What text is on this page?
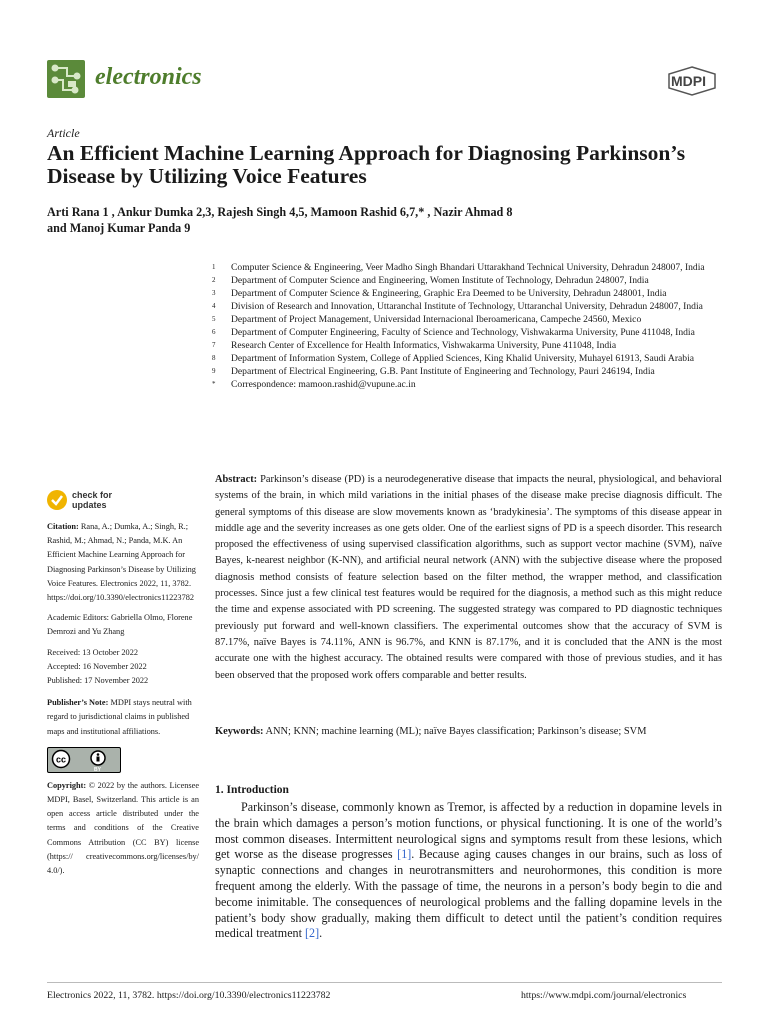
electronics	MDPI
Article
An Efficient Machine Learning Approach for Diagnosing Parkinson’s Disease by Utilizing Voice Features
Arti Rana 1 , Ankur Dumka 2,3, Rajesh Singh 4,5, Mamoon Rashid 6,7,* , Nazir Ahmad 8
and Manoj Kumar Panda 9
1	Computer Science & Engineering, Veer Madho Singh Bhandari Uttarakhand Technical University, Dehradun 248007, India
2	Department of Computer Science and Engineering, Women Institute of Technology, Dehradun 248007, India
3	Department of Computer Science & Engineering, Graphic Era Deemed to be University, Dehradun 248001, India
4	Division of Research and Innovation, Uttaranchal Institute of Technology, Uttaranchal University, Dehradun 248007, India
5	Department of Project Management, Universidad Internacional Iberoamericana, Campeche 24560, Mexico
6	Department of Computer Engineering, Faculty of Science and Technology, Vishwakarma University, Pune 411048, India
7	Research Center of Excellence for Health Informatics, Vishwakarma University, Pune 411048, India
8	Department of Information System, College of Applied Sciences, King Khalid University, Muhayel 61913, Saudi Arabia
9	Department of Electrical Engineering, G.B. Pant Institute of Engineering and Technology, Pauri 246194, India
*	Correspondence: mamoon.rashid@vupune.ac.in
check for
updates

Citation: Rana, A.; Dumka, A.; Singh, R.; Rashid, M.; Ahmad, N.; Panda, M.K. An Efficient Machine Learning Approach for Diagnosing Parkinson’s Disease by Utilizing Voice Features. Electronics 2022, 11, 3782. https://doi.org/10.3390/electronics11223782

Academic Editors: Gabriella Olmo, Florene Demrozi and Yu Zhang

Received: 13 October 2022
Accepted: 16 November 2022
Published: 17 November 2022

Publisher’s Note: MDPI stays neutral with regard to jurisdictional claims in published maps and institutional affiliations.

cc
BY

Copyright: © 2022 by the authors. Licensee MDPI, Basel, Switzerland. This article is an open access article distributed under the terms and conditions of the Creative Commons Attribution (CC BY) license (https:// creativecommons.org/licenses/by/ 4.0/).

Abstract: Parkinson’s disease (PD) is a neurodegenerative disease that impacts the neural, physiological, and behavioral systems of the brain, in which mild variations in the initial phases of the disease make precise diagnosis difficult. The general symptoms of this disease are slow movements known as ‘bradykinesia’. The symptoms of this disease appear in middle age and the severity increases as one gets older. One of the earliest signs of PD is a speech disorder. This research proposed the effectiveness of using supervised classification algorithms, such as support vector machine (SVM), naïve Bayes, k-nearest neighbor (K-NN), and artificial neural network (ANN) with the subjective disease where the proposed diagnosis method consists of feature selection based on the filter method, the wrapper method, and classification processes. Since just a few clinical test features would be required for the diagnosis, a method such as this might reduce the time and expense associated with PD screening. The suggested strategy was compared to PD diagnostic techniques previously put forward and well-known classifiers. The experimental outcomes show that the accuracy of SVM is 87.17%, naïve Bayes is 74.11%, ANN is 96.7%, and KNN is 87.17%, and it is concluded that the ANN is the most accurate one with the highest accuracy. The obtained results were compared with those of previous studies, and it has been observed that the proposed work offers comparable and better results.
Keywords: ANN; KNN; machine learning (ML); naïve Bayes classification; Parkinson’s disease; SVM
1. Introduction
Parkinson’s disease, commonly known as Tremor, is affected by a reduction in dopamine levels in the brain which damages a person’s motion functions, or physical functioning. It is one of the world’s most common diseases. Intermittent neurological signs and symptoms result from these lesions, which get worse as the disease progresses [1]. Because aging causes changes in our brains, such as loss of synaptic connections and changes in neurotransmitters and neurohormones, this condition is more frequent among the elderly. With the passage of time, the neurons in a person’s body begin to die and become inimitable. The consequences of neurological problems and the falling dopamine levels in the patient’s body show gradually, making them difficult to detect until the patient’s condition requires medical treatment [2].
Electronics 2022, 11, 3782. https://doi.org/10.3390/electronics11223782	https://www.mdpi.com/journal/electronics
